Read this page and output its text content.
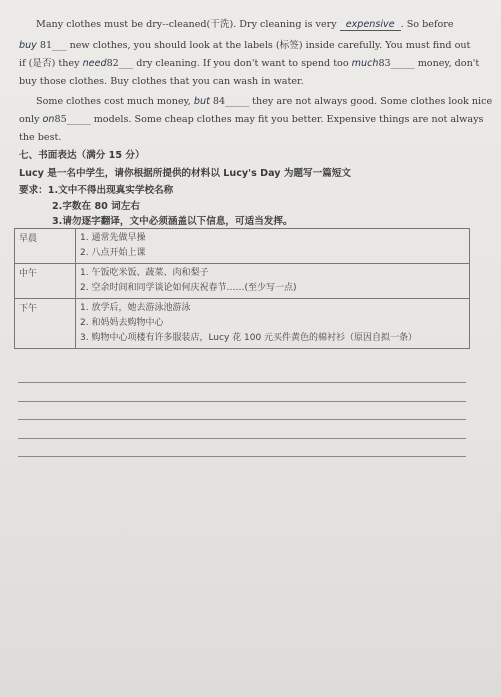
Many clothes must be dry--cleaned(干洗). Dry cleaning is very expensive . So before
buy 81___ new clothes, you should look at the labels (标签) inside carefully. You must find out
if (是否) they need82___ dry cleaning. If you don't want to spend too much83_____ money, don't
buy those clothes. Buy clothes that you can wash in water.
Some clothes cost much money, but 84_____ they are not always good. Some clothes look nice
only on85_____ models. Some cheap clothes may fit you better. Expensive things are not always
the best.
七、书面表达（满分 15 分）
Lucy 是一名中学生，请你根据所提供的材料以 Lucy's Day 为题写一篇短文
要求：1.文中不得出现真实学校名称
2.字数在 80 词左右
3.请勿逐字翻译，文中必须涵盖以下信息，可适当发挥。
早晨	1. 通常先做早操
2. 八点开始上课

中午	1. 午饭吃米饭、蔬菜、肉和梨子
2. 空余时间和同学谈论如何庆祝春节……(至少写一点)

下午	1. 放学后，她去游泳池游泳
2. 和妈妈去购物中心
3. 购物中心项楼有许多服装店，Lucy 花 100 元买件黄色的棉衬衫（原因自拟一条）
